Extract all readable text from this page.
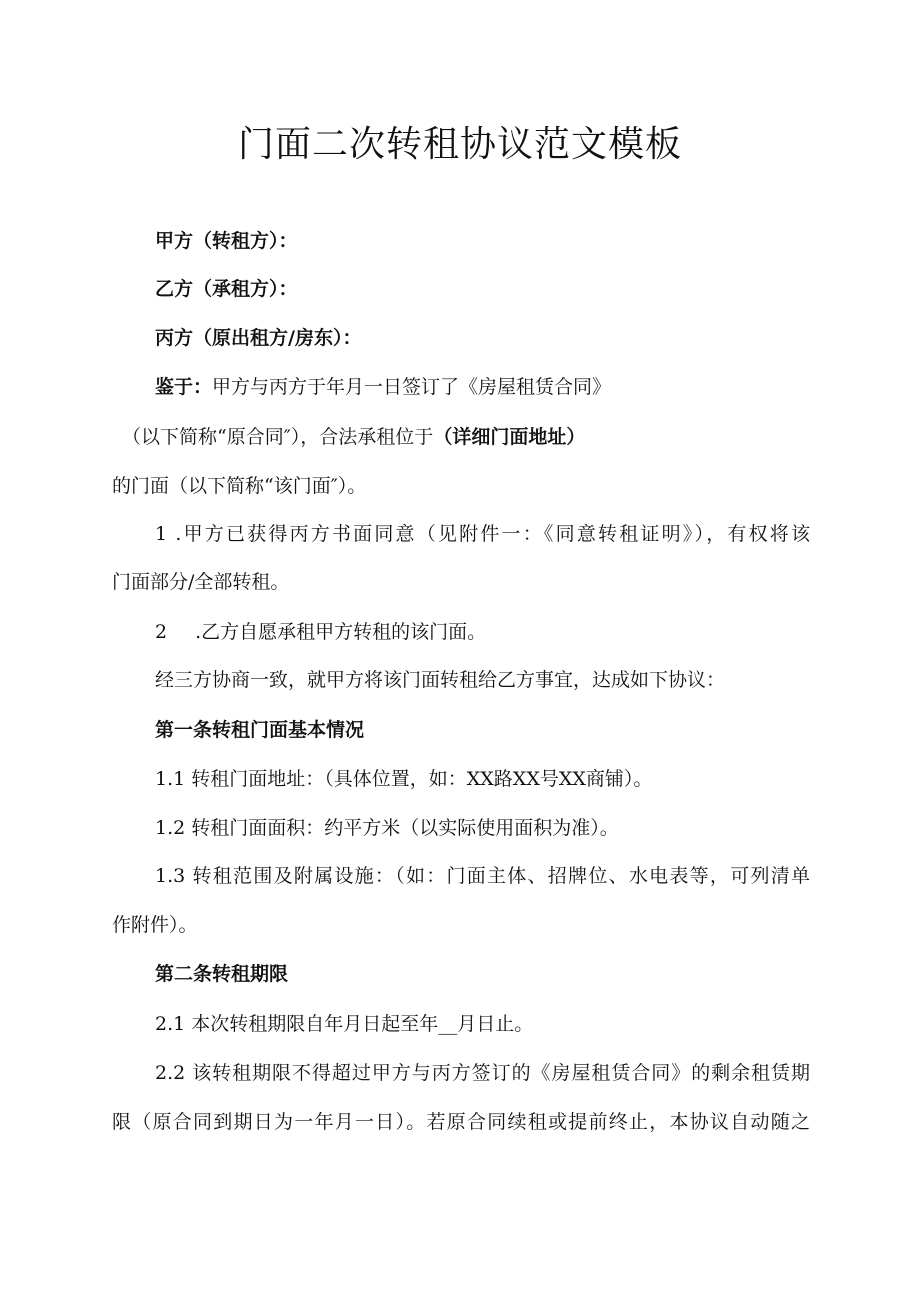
门面二次转租协议范文模板
甲方（转租方）：
乙方（承租方）：
丙方（原出租方/房东）：
鉴于：甲方与丙方于年月一日签订了《房屋租赁合同》
（以下简称“原合同″），合法承租位于（详细门面地址）
的门面（以下简称“该门面″）。
1 .甲方已获得丙方书面同意（见附件一：《同意转租证明》），有权将该
门面部分/全部转租。
2 .乙方自愿承租甲方转租的该门面。
经三方协商一致，就甲方将该门面转租给乙方事宜，达成如下协议：
第一条转租门面基本情况
1.1 转租门面地址：（具体位置，如：XX路XX号XX商铺）。
1.2 转租门面面积：约平方米（以实际使用面积为准）。
1.3 转租范围及附属设施：（如：门面主体、招牌位、水电表等，可列清单
作附件）。
第二条转租期限
2.1 本次转租期限自年月日起至年__月日止。
2.2 该转租期限不得超过甲方与丙方签订的《房屋租赁合同》的剩余租赁期
限（原合同到期日为一年月一日）。若原合同续租或提前终止，本协议自动随之
